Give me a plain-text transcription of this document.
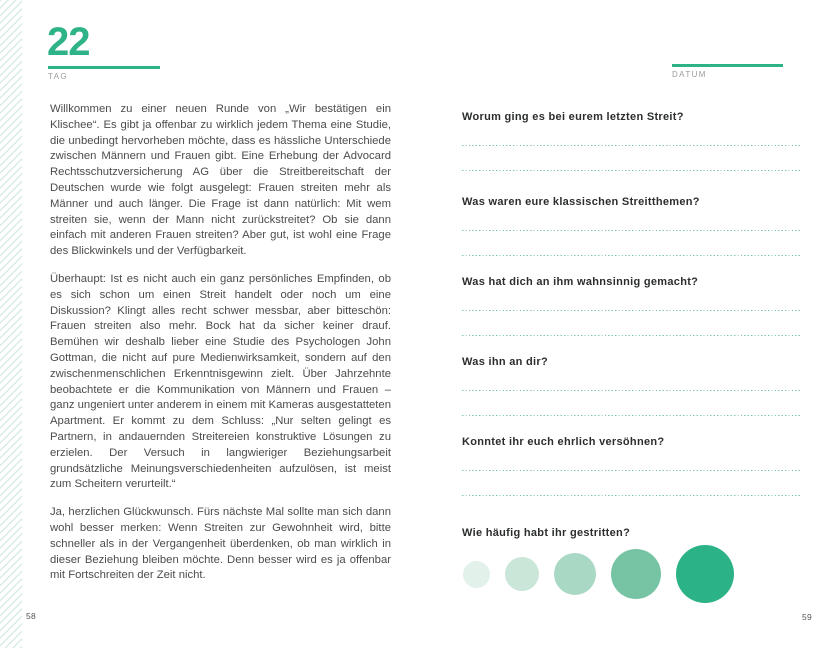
22
TAG

Willkommen zu einer neuen Runde von „Wir bestätigen ein Klischee“. Es gibt ja offenbar zu wirklich jedem Thema eine Studie, die unbedingt hervorheben möchte, dass es hässliche Unterschiede zwischen Männern und Frauen gibt. Eine Erhebung der Advocard Rechtsschutzversicherung AG über die Streitbereitschaft der Deutschen wurde wie folgt ausgelegt: Frauen streiten mehr als Männer und auch länger. Die Frage ist dann natürlich: Mit wem streiten sie, wenn der Mann nicht zurückstreitet? Ob sie dann einfach mit anderen Frauen streiten? Aber gut, ist wohl eine Frage des Blickwinkels und der Verfügbarkeit.

Überhaupt: Ist es nicht auch ein ganz persönliches Empfinden, ob es sich schon um einen Streit handelt oder noch um eine Diskussion? Klingt alles recht schwer messbar, aber bitteschön: Frauen streiten also mehr. Bock hat da sicher keiner drauf. Bemühen wir deshalb lieber eine Studie des Psychologen John Gottman, die nicht auf pure Medienwirksamkeit, sondern auf den zwischenmenschlichen Erkenntnisgewinn zielt. Über Jahrzehnte beobachtete er die Kommunikation von Männern und Frauen – ganz ungeniert unter anderem in einem mit Kameras ausgestatteten Apartment. Er kommt zu dem Schluss: „Nur selten gelingt es Partnern, in andauernden Streitereien konstruktive Lösungen zu erzielen. Der Versuch in langwieriger Beziehungsarbeit grundsätzliche Meinungsverschiedenheiten aufzulösen, ist meist zum Scheitern verurteilt.“

Ja, herzlichen Glückwunsch. Fürs nächste Mal sollte man sich dann wohl besser merken: Wenn Streiten zur Gewohnheit wird, bitte schneller als in der Vergangenheit überdenken, ob man wirklich in dieser Beziehung bleiben möchte. Denn besser wird es ja offenbar mit Fortschreiten der Zeit nicht.

58
DATUM
Worum ging es bei eurem letzten Streit?
Was waren eure klassischen Streitthemen?
Was hat dich an ihm wahnsinnig gemacht?
Was ihn an dir?
Konntet ihr euch ehrlich versöhnen?
Wie häufig habt ihr gestritten?
59
